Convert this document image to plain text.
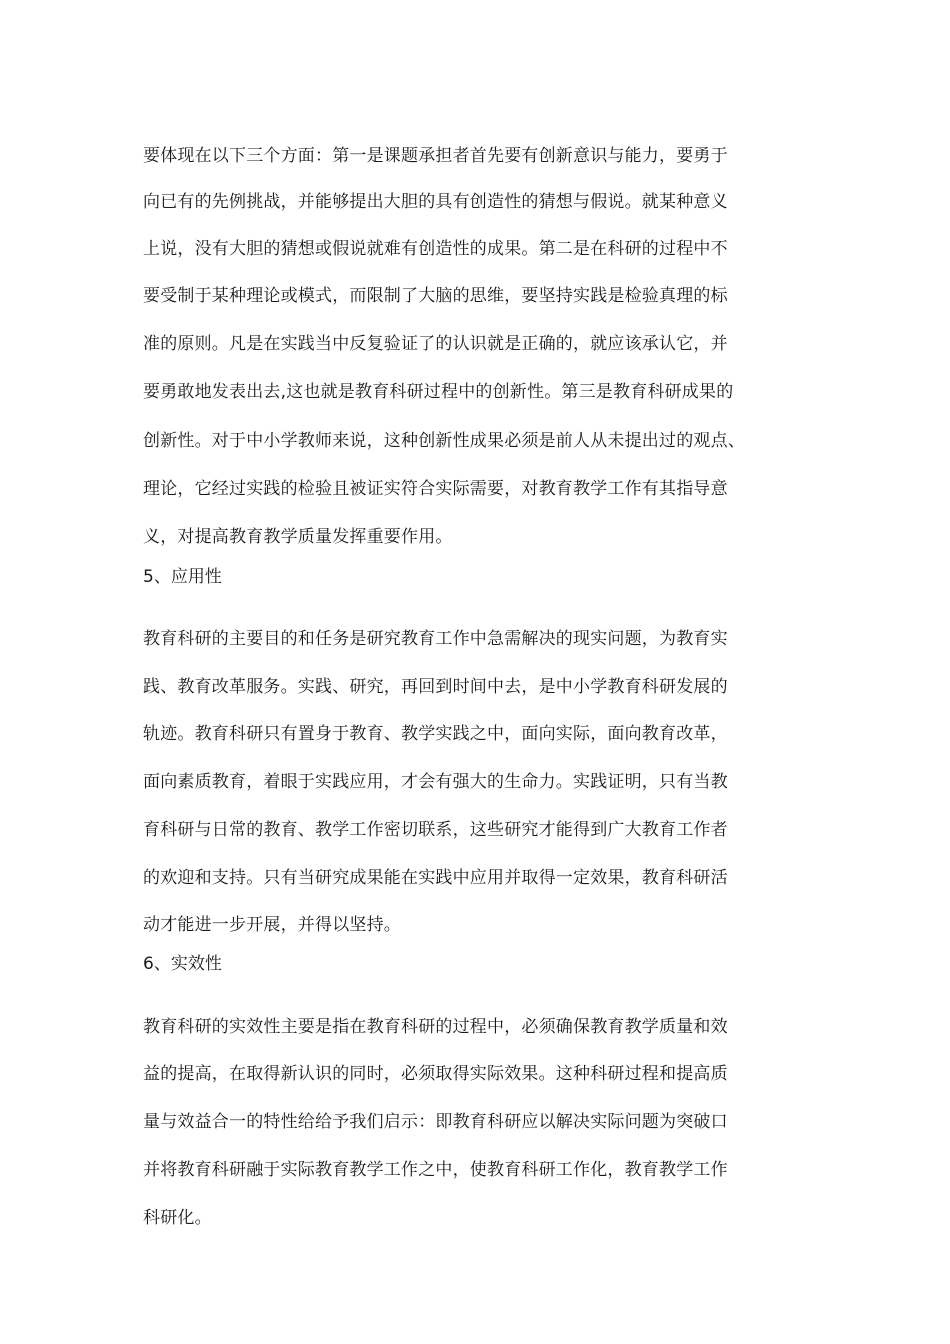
要体现在以下三个方面：第一是课题承担者首先要有创新意识与能力，要勇于
向已有的先例挑战，并能够提出大胆的具有创造性的猜想与假说。就某种意义
上说，没有大胆的猜想或假说就难有创造性的成果。第二是在科研的过程中不
要受制于某种理论或模式，而限制了大脑的思维，要坚持实践是检验真理的标
准的原则。凡是在实践当中反复验证了的认识就是正确的，就应该承认它，并
要勇敢地发表出去,这也就是教育科研过程中的创新性。第三是教育科研成果的
创新性。对于中小学教师来说，这种创新性成果必须是前人从未提出过的观点、
理论，它经过实践的检验且被证实符合实际需要，对教育教学工作有其指导意
义，对提高教育教学质量发挥重要作用。
5、应用性
教育科研的主要目的和任务是研究教育工作中急需解决的现实问题，为教育实
践、教育改革服务。实践、研究，再回到时间中去，是中小学教育科研发展的
轨迹。教育科研只有置身于教育、教学实践之中，面向实际，面向教育改革，
面向素质教育，着眼于实践应用，才会有强大的生命力。实践证明，只有当教
育科研与日常的教育、教学工作密切联系，这些研究才能得到广大教育工作者
的欢迎和支持。只有当研究成果能在实践中应用并取得一定效果，教育科研活
动才能进一步开展，并得以坚持。
6、实效性
教育科研的实效性主要是指在教育科研的过程中，必须确保教育教学质量和效
益的提高，在取得新认识的同时，必须取得实际效果。这种科研过程和提高质
量与效益合一的特性给给予我们启示：即教育科研应以解决实际问题为突破口
并将教育科研融于实际教育教学工作之中，使教育科研工作化，教育教学工作
科研化。
